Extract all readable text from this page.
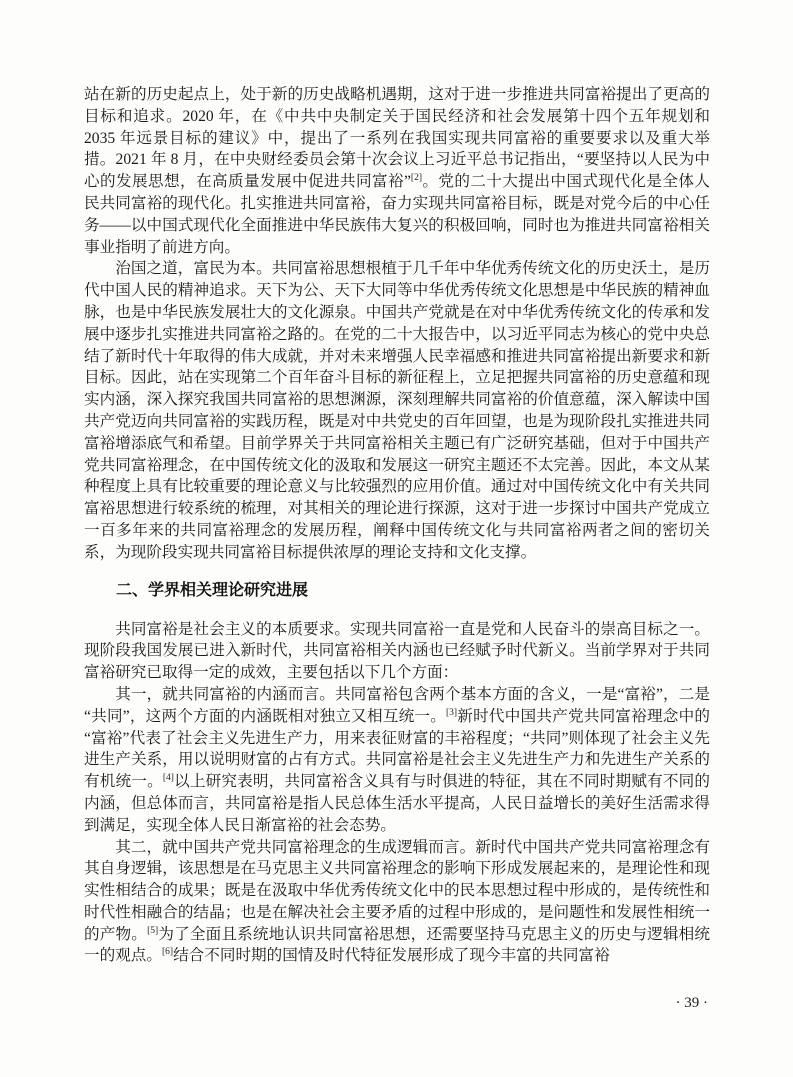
站在新的历史起点上，处于新的历史战略机遇期，这对于进一步推进共同富裕提出了更高的目标和追求。2020 年，在《中共中央制定关于国民经济和社会发展第十四个五年规划和 2035 年远景目标的建议》中，提出了一系列在我国实现共同富裕的重要要求以及重大举措。2021 年 8 月，在中央财经委员会第十次会议上习近平总书记指出，“要坚持以人民为中心的发展思想，在高质量发展中促进共同富裕”[2]。党的二十大提出中国式现代化是全体人民共同富裕的现代化。扎实推进共同富裕，奋力实现共同富裕目标，既是对党今后的中心任务——以中国式现代化全面推进中华民族伟大复兴的积极回响，同时也为推进共同富裕相关事业指明了前进方向。

治国之道，富民为本。共同富裕思想根植于几千年中华优秀传统文化的历史沃土，是历代中国人民的精神追求。天下为公、天下大同等中华优秀传统文化思想是中华民族的精神血脉，也是中华民族发展壮大的文化源泉。中国共产党就是在对中华优秀传统文化的传承和发展中逐步扎实推进共同富裕之路的。在党的二十大报告中，以习近平同志为核心的党中央总结了新时代十年取得的伟大成就，并对未来增强人民幸福感和推进共同富裕提出新要求和新目标。因此，站在实现第二个百年奋斗目标的新征程上，立足把握共同富裕的历史意蕴和现实内涵，深入探究我国共同富裕的思想渊源，深刻理解共同富裕的价值意蕴，深入解读中国共产党迈向共同富裕的实践历程，既是对中共党史的百年回望，也是为现阶段扎实推进共同富裕增添底气和希望。目前学界关于共同富裕相关主题已有广泛研究基础，但对于中国共产党共同富裕理念，在中国传统文化的汲取和发展这一研究主题还不太完善。因此，本文从某种程度上具有比较重要的理论意义与比较强烈的应用价值。通过对中国传统文化中有关共同富裕思想进行较系统的梳理，对其相关的理论进行探源，这对于进一步探讨中国共产党成立一百多年来的共同富裕理念的发展历程，阐释中国传统文化与共同富裕两者之间的密切关系，为现阶段实现共同富裕目标提供浓厚的理论支持和文化支撑。

二、学界相关理论研究进展

共同富裕是社会主义的本质要求。实现共同富裕一直是党和人民奋斗的崇高目标之一。现阶段我国发展已进入新时代，共同富裕相关内涵也已经赋予时代新义。当前学界对于共同富裕研究已取得一定的成效，主要包括以下几个方面：

其一，就共同富裕的内涵而言。共同富裕包含两个基本方面的含义，一是“富裕”，二是“共同”，这两个方面的内涵既相对独立又相互统一。[3]新时代中国共产党共同富裕理念中的“富裕”代表了社会主义先进生产力，用来表征财富的丰裕程度；“共同”则体现了社会主义先进生产关系，用以说明财富的占有方式。共同富裕是社会主义先进生产力和先进生产关系的有机统一。[4]以上研究表明，共同富裕含义具有与时俱进的特征，其在不同时期赋有不同的内涵，但总体而言，共同富裕是指人民总体生活水平提高，人民日益增长的美好生活需求得到满足，实现全体人民日渐富裕的社会态势。

其二，就中国共产党共同富裕理念的生成逻辑而言。新时代中国共产党共同富裕理念有其自身逻辑，该思想是在马克思主义共同富裕理念的影响下形成发展起来的，是理论性和现实性相结合的成果；既是在汲取中华优秀传统文化中的民本思想过程中形成的，是传统性和时代性相融合的结晶；也是在解决社会主要矛盾的过程中形成的，是问题性和发展性相统一的产物。[5]为了全面且系统地认识共同富裕思想，还需要坚持马克思主义的历史与逻辑相统一的观点。[6]结合不同时期的国情及时代特征发展形成了现今丰富的共同富裕

· 39 ·
